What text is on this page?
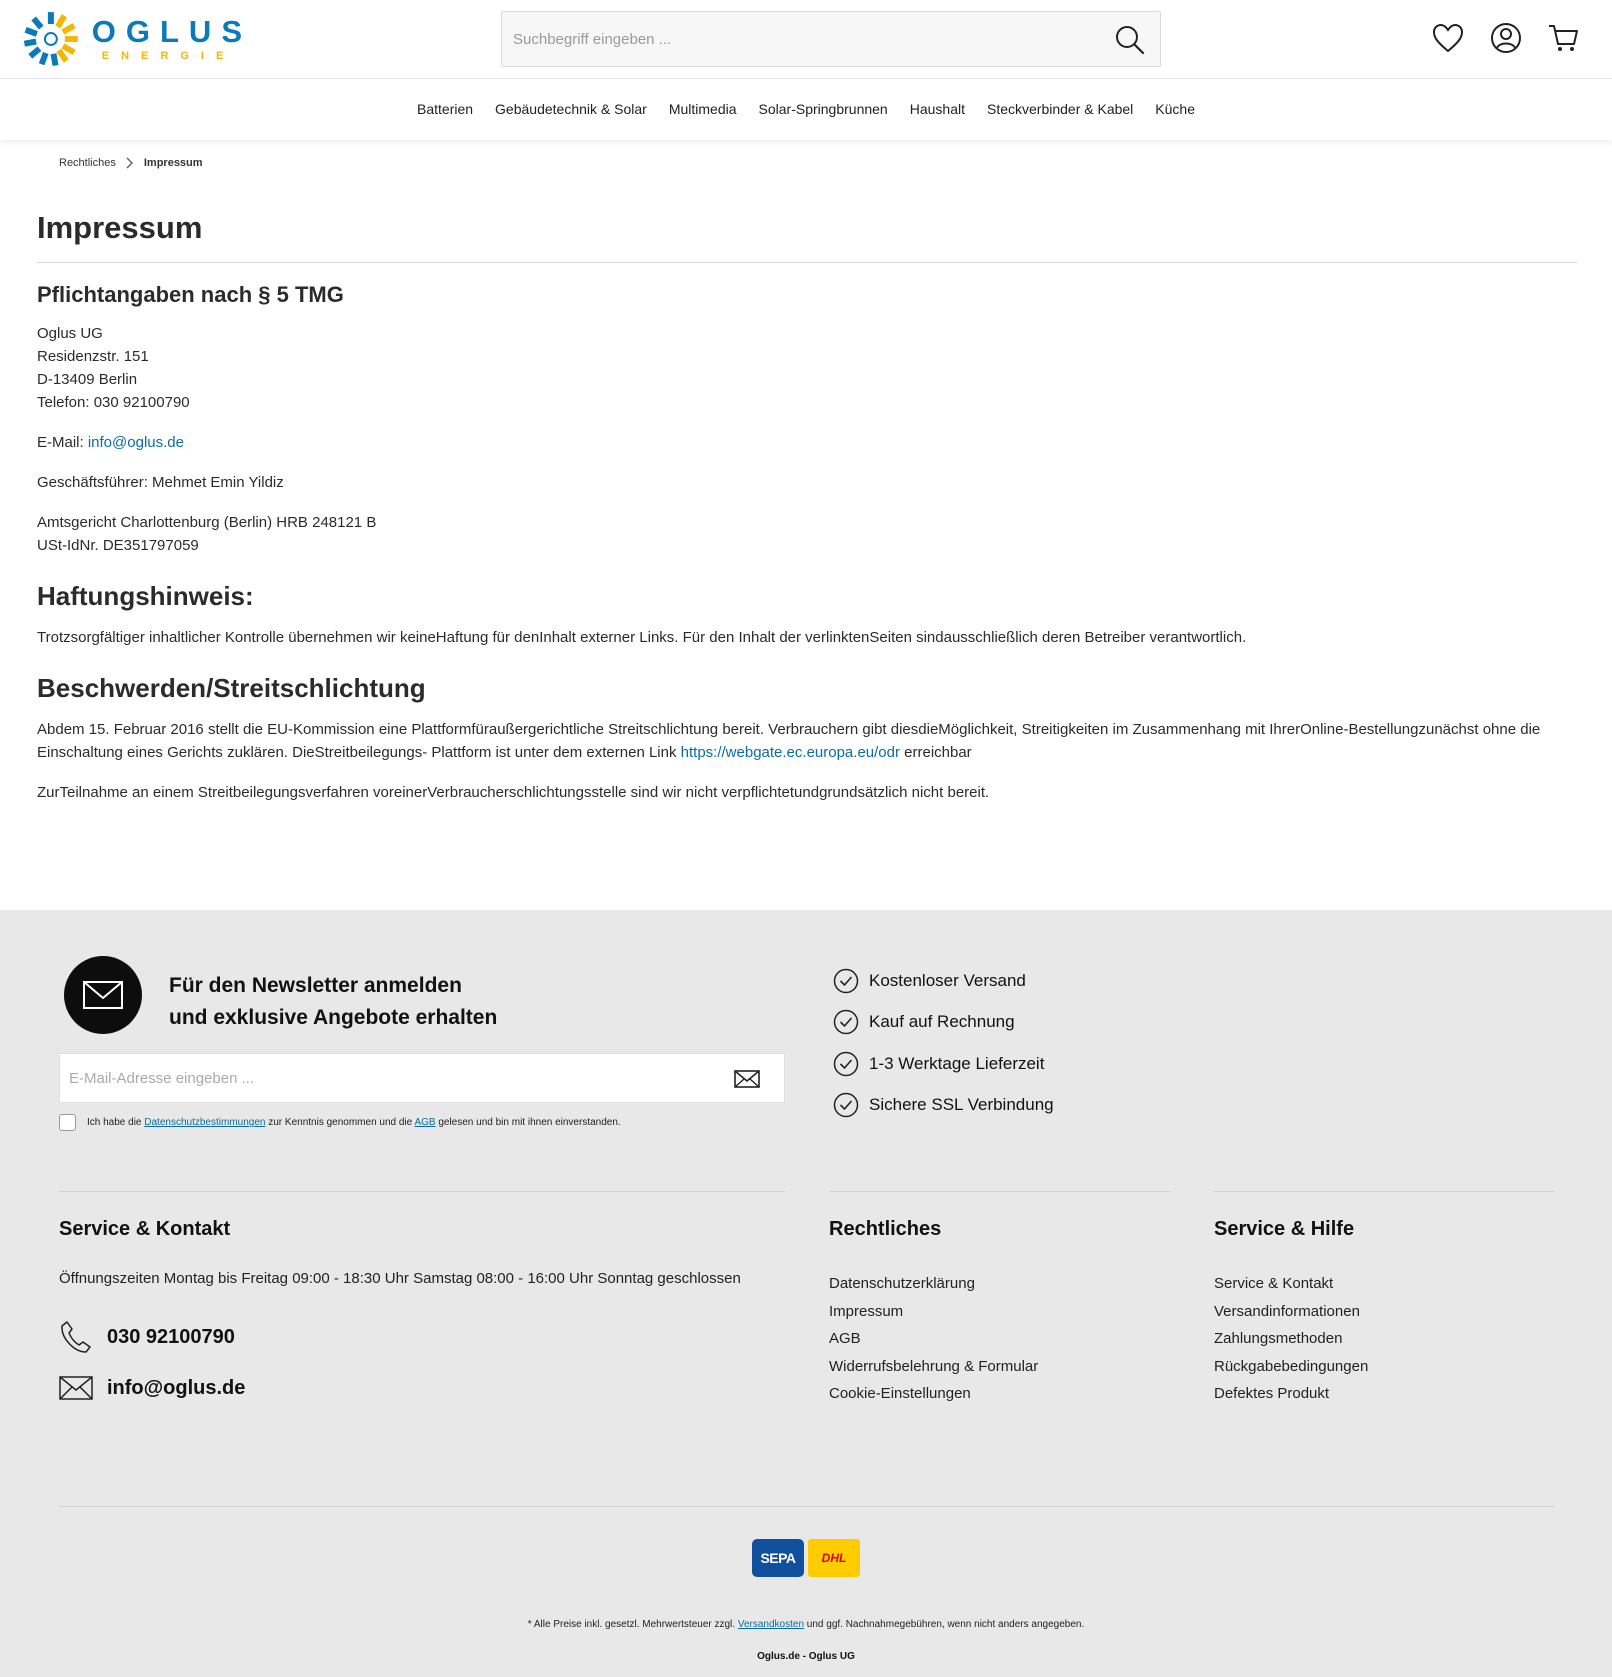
OGLUS
ENERGIE
Suchbegriff eingeben ...
Batterien	Gebäudetechnik & Solar	Multimedia	Solar-Springbrunnen	Haushalt	Steckverbinder & Kabel	Küche
Rechtliches	Impressum
Impressum
Pflichtangaben nach § 5 TMG
Oglus UG
Residenzstr. 151
D-13409 Berlin
Telefon: 030 92100790
E-Mail: info@oglus.de
Geschäftsführer: Mehmet Emin Yildiz
Amtsgericht Charlottenburg (Berlin) HRB 248121 B
USt-IdNr. DE351797059
Haftungshinweis:
Trotzsorgfältiger inhaltlicher Kontrolle übernehmen wir keineHaftung für denInhalt externer Links. Für den Inhalt der verlinktenSeiten sindausschließlich deren Betreiber verantwortlich.
Beschwerden/Streitschlichtung
Abdem 15. Februar 2016 stellt die EU-Kommission eine Plattformfüraußergerichtliche Streitschlichtung bereit. Verbrauchern gibt diesdieMöglichkeit, Streitigkeiten im Zusammenhang mit IhrerOnline-Bestellungzunächst ohne die Einschaltung eines Gerichts zuklären. DieStreitbeilegungs- Plattform ist unter dem externen Link https://webgate.ec.europa.eu/odr erreichbar
ZurTeilnahme an einem Streitbeilegungsverfahren voreinerVerbraucherschlichtungsstelle sind wir nicht verpflichtetundgrundsätzlich nicht bereit.
Für den Newsletter anmelden
und exklusive Angebote erhalten
E-Mail-Adresse eingeben ...
Ich habe die Datenschutzbestimmungen zur Kenntnis genommen und die AGB gelesen und bin mit ihnen einverstanden.
Kostenloser Versand
Kauf auf Rechnung
1-3 Werktage Lieferzeit
Sichere SSL Verbindung
Service & Kontakt
Öffnungszeiten Montag bis Freitag 09:00 - 18:30 Uhr Samstag 08:00 - 16:00 Uhr Sonntag geschlossen
030 92100790
info@oglus.de
Rechtliches
Datenschutzerklärung
Impressum
AGB
Widerrufsbelehrung & Formular
Cookie-Einstellungen
Service & Hilfe
Service & Kontakt
Versandinformationen
Zahlungsmethoden
Rückgabebedingungen
Defektes Produkt
SEPA DHL
* Alle Preise inkl. gesetzl. Mehrwertsteuer zzgl. Versandkosten und ggf. Nachnahmegebühren, wenn nicht anders angegeben.
Oglus.de - Oglus UG
